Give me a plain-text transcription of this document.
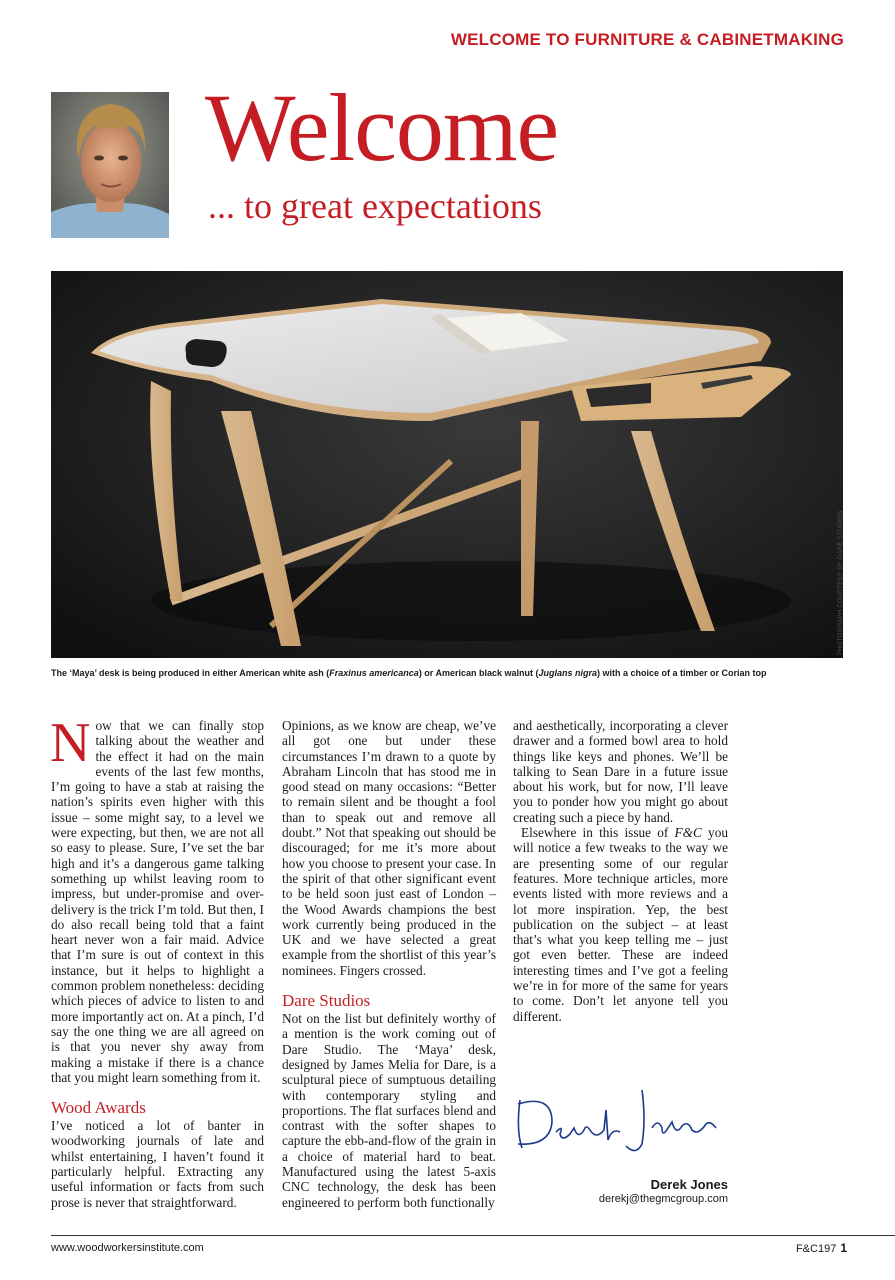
WELCOME TO FURNITURE & CABINETMAKING
Welcome
... to great expectations
PHOTOGRAPH COURTESY OF DARE STUDIOS
The ‘Maya’ desk is being produced in either American white ash (Fraxinus americanca) or American black walnut (Juglans nigra) with a choice of a timber or Corian top

Now that we can finally stop talking about the weather and the effect it had on the main events of the last few months, I’m going to have a stab at raising the nation’s spirits even higher with this issue – some might say, to a level we were expecting, but then, we are not all so easy to please. Sure, I’ve set the bar high and it’s a dangerous game talking something up whilst leaving room to impress, but under-promise and over-delivery is the trick I’m told. But then, I do also recall being told that a faint heart never won a fair maid. Advice that I’m sure is out of context in this instance, but it helps to highlight a common problem nonetheless: deciding which pieces of advice to listen to and more importantly act on. At a pinch, I’d say the one thing we are all agreed on is that you never shy away from making a mistake if there is a chance that you might learn something from it.

Wood Awards

I’ve noticed a lot of banter in woodworking journals of late and whilst entertaining, I haven’t found it particularly helpful. Extracting any useful information or facts from such prose is never that straightforward.

Opinions, as we know are cheap, we’ve all got one but under these circumstances I’m drawn to a quote by Abraham Lincoln that has stood me in good stead on many occasions: “Better to remain silent and be thought a fool than to speak out and remove all doubt.” Not that speaking out should be discouraged; for me it’s more about how you choose to present your case. In the spirit of that other significant event to be held soon just east of London – the Wood Awards champions the best work currently being produced in the UK and we have selected a great example from the shortlist of this year’s nominees. Fingers crossed.

Dare Studios

Not on the list but definitely worthy of a mention is the work coming out of Dare Studio. The ‘Maya’ desk, designed by James Melia for Dare, is a sculptural piece of sumptuous detailing with contemporary styling and proportions. The flat surfaces blend and contrast with the softer shapes to capture the ebb-and-flow of the grain in a choice of material hard to beat. Manufactured using the latest 5-axis CNC technology, the desk has been engineered to perform both functionally

and aesthetically, incorporating a clever drawer and a formed bowl area to hold things like keys and phones. We’ll be talking to Sean Dare in a future issue about his work, but for now, I’ll leave you to ponder how you might go about creating such a piece by hand.

Elsewhere in this issue of F&C you will notice a few tweaks to the way we are presenting some of our regular features. More technique articles, more events listed with more reviews and a lot more inspiration. Yep, the best publication on the subject – at least that’s what you keep telling me – just got even better. These are indeed interesting times and I’ve got a feeling we’re in for more of the same for years to come. Don’t let anyone tell you different.

Derek Jones
derekj@thegmcgroup.com
www.woodworkersinstitute.com	F&C197 1
